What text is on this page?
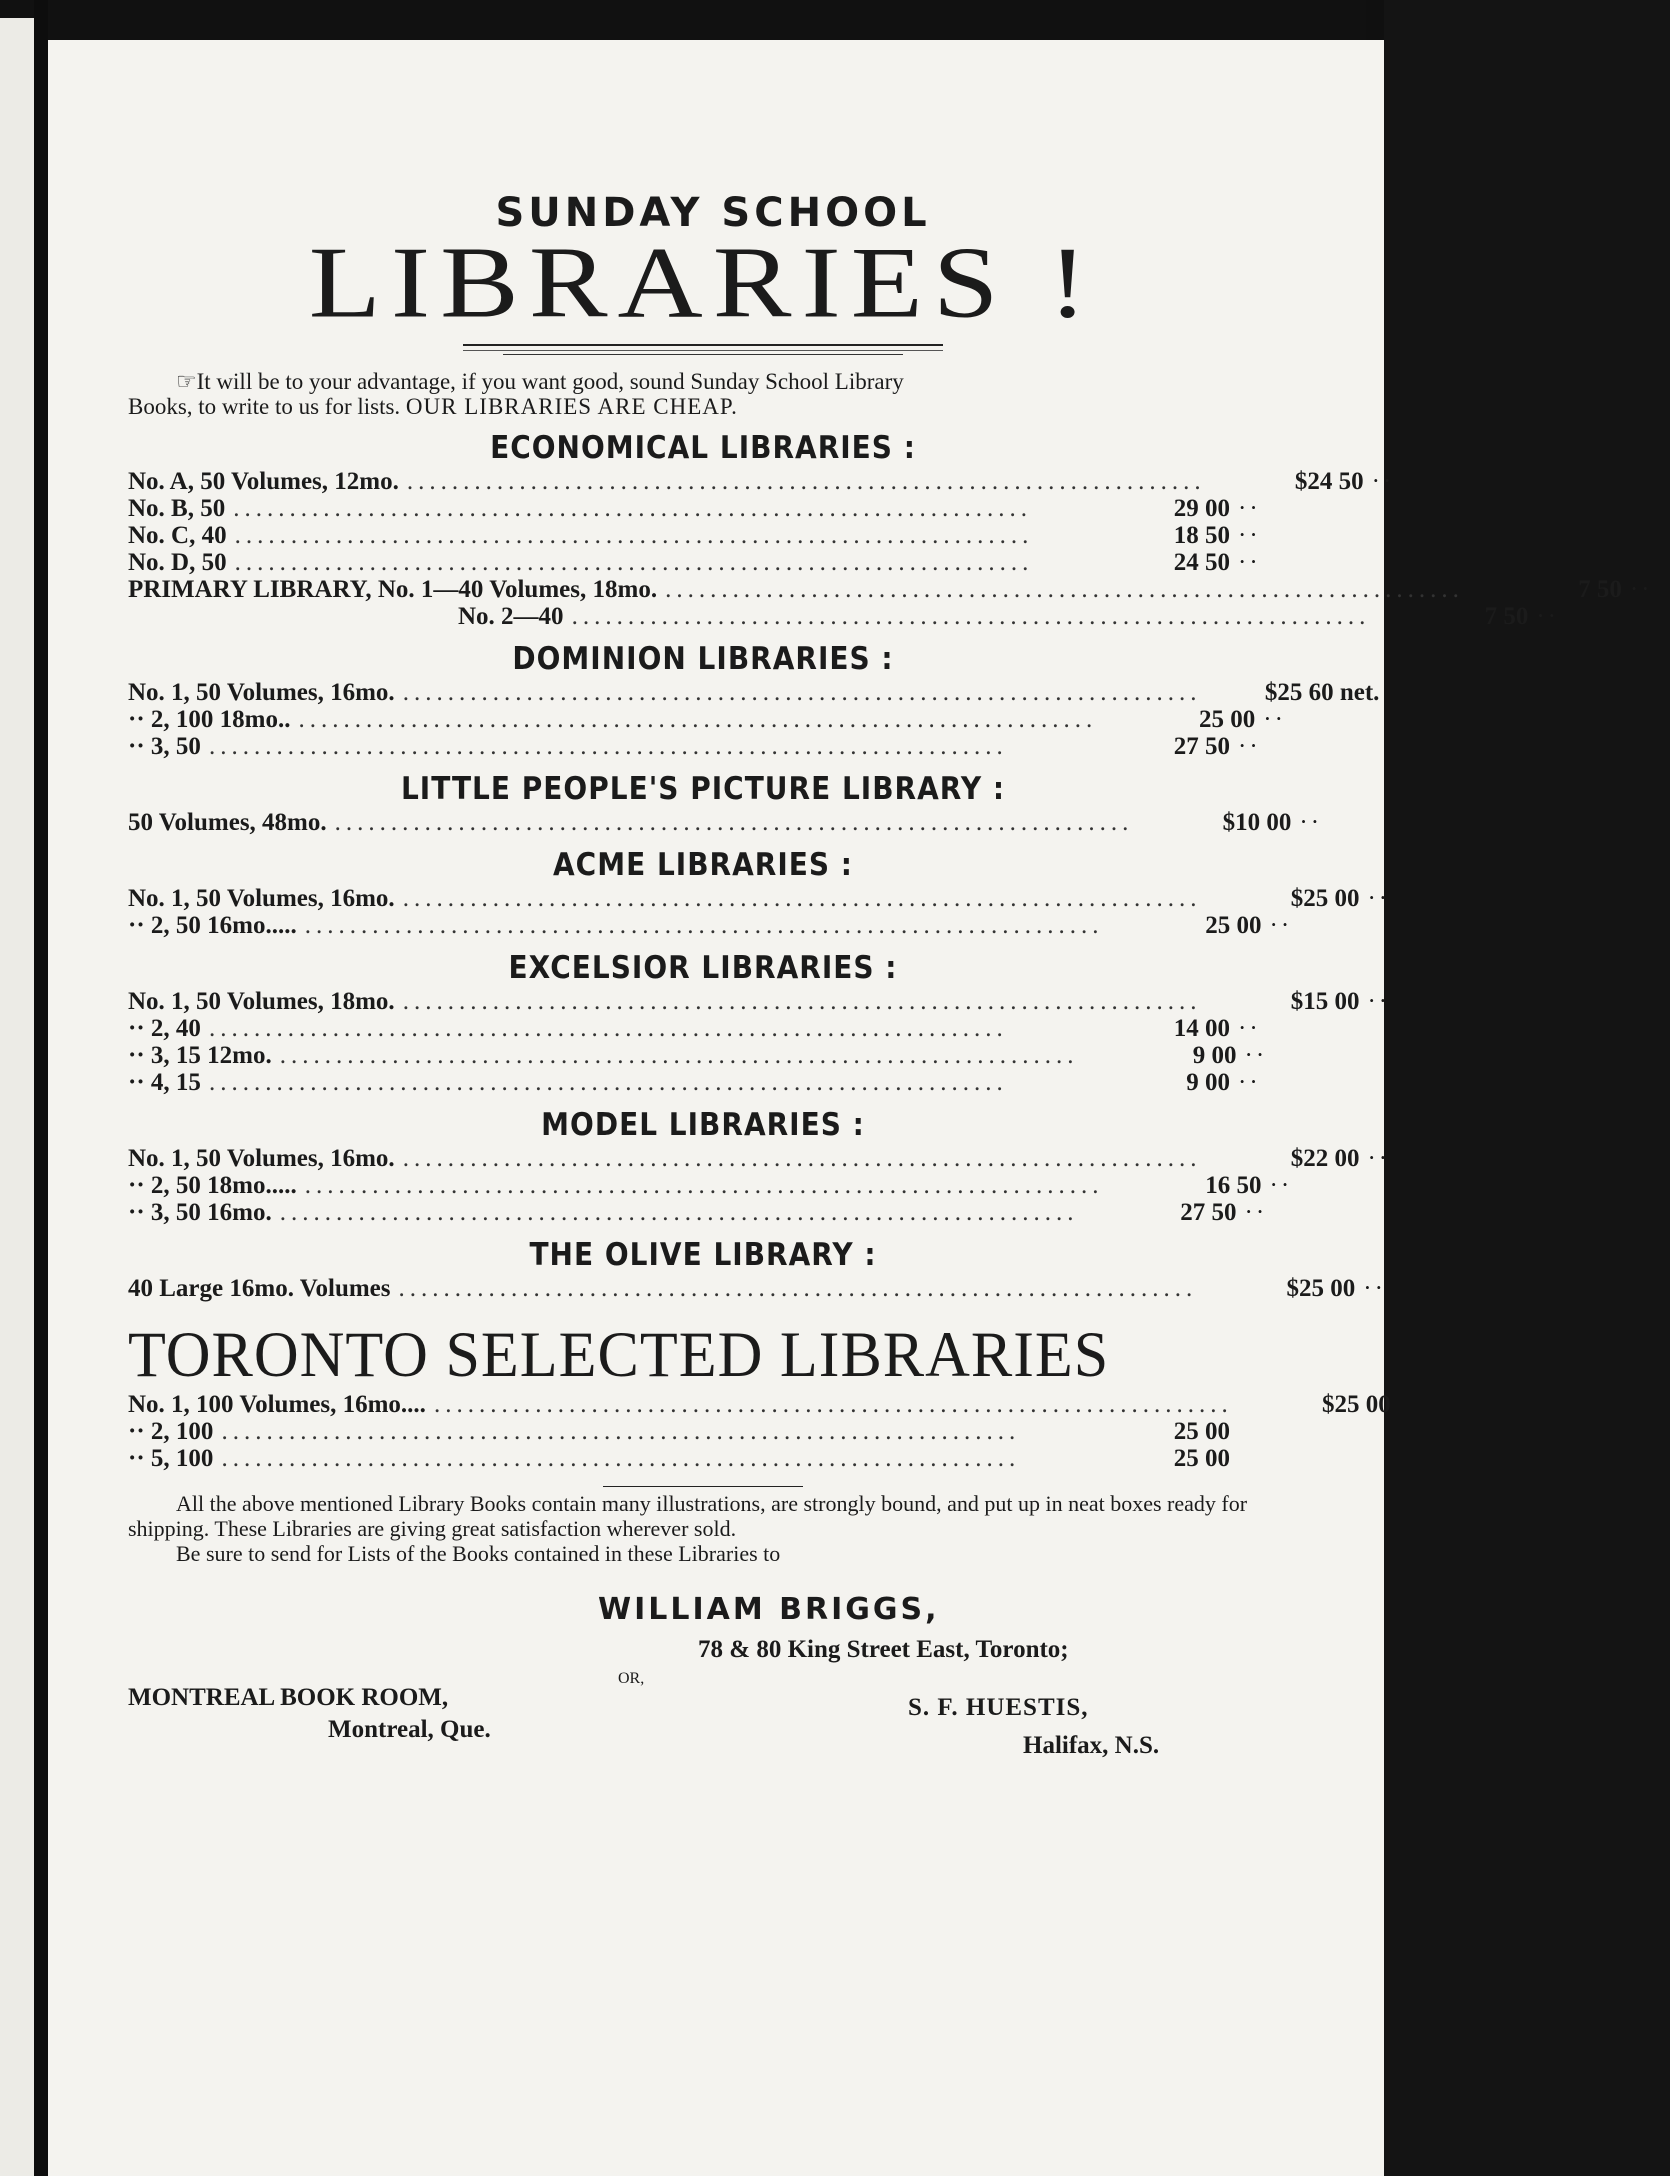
SUNDAY SCHOOL
LIBRARIES !
☞It will be to your advantage, if you want good, sound Sunday School Library
Books, to write to us for lists. OUR LIBRARIES ARE CHEAP.
ECONOMICAL LIBRARIES :
No. A, 50 Volumes, 12mo. .......................................................................	$24 50 ··
No. B, 50 .......................................................................	29 00 ··
No. C, 40 .......................................................................	18 50 ··
No. D, 50 .......................................................................	24 50 ··
PRIMARY LIBRARY, No. 1—40 Volumes, 18mo. .......................................................................	7 50 ··
No. 2—40 .......................................................................	7 50 ··
DOMINION LIBRARIES :
No. 1, 50 Volumes, 16mo. .......................................................................	$25 60 net.
·· 2, 100 18mo.. .......................................................................	25 00 ··
·· 3, 50 .......................................................................	27 50 ··
LITTLE PEOPLE'S PICTURE LIBRARY :
50 Volumes, 48mo. .......................................................................	$10 00 ··
ACME LIBRARIES :
No. 1, 50 Volumes, 16mo. .......................................................................	$25 00 ··
·· 2, 50 16mo..... .......................................................................	25 00 ··
EXCELSIOR LIBRARIES :
No. 1, 50 Volumes, 18mo. .......................................................................	$15 00 ··
·· 2, 40 .......................................................................	14 00 ··
·· 3, 15 12mo. .......................................................................	9 00 ··
·· 4, 15 .......................................................................	9 00 ··
MODEL LIBRARIES :
No. 1, 50 Volumes, 16mo. .......................................................................	$22 00 ··
·· 2, 50 18mo..... .......................................................................	16 50 ··
·· 3, 50 16mo. .......................................................................	27 50 ··
THE OLIVE LIBRARY :
40 Large 16mo. Volumes .......................................................................	$25 00 ··
TORONTO SELECTED LIBRARIES
No. 1, 100 Volumes, 16mo.... .......................................................................	$25 00
·· 2, 100 .......................................................................	25 00
·· 5, 100 .......................................................................	25 00

All the above mentioned Library Books contain many illustrations, are strongly bound, and put up in neat boxes ready for shipping. These Libraries are giving great satisfaction wherever sold.

Be sure to send for Lists of the Books contained in these Libraries to

WILLIAM BRIGGS,
78 & 80 King Street East, Toronto;
OR,
MONTREAL BOOK ROOM,
Montreal, Que.
S. F. HUESTIS,
Halifax, N.S.
